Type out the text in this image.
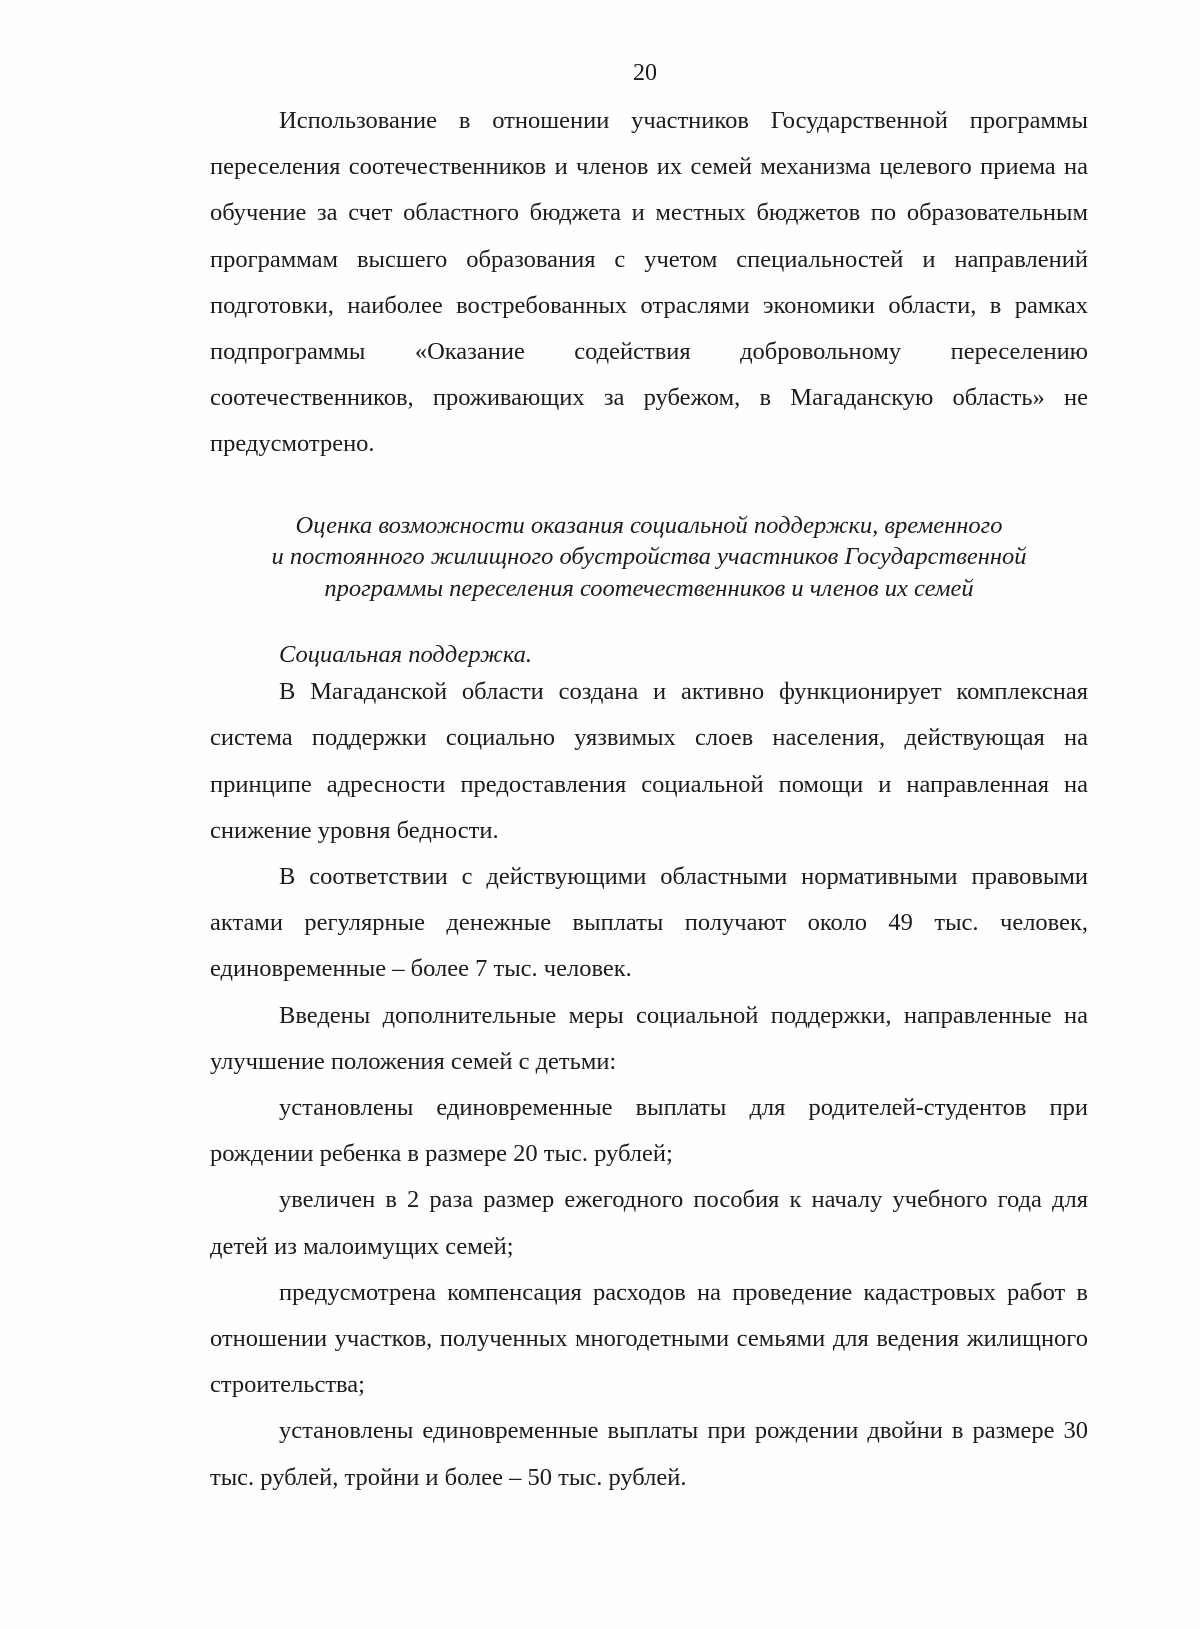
20

Использование в отношении участников Государственной программы переселения соотечественников и членов их семей механизма целевого приема на обучение за счет областного бюджета и местных бюджетов по образовательным программам высшего образования с учетом специальностей и направлений подготовки, наиболее востребованных отраслями экономики области, в рамках подпрограммы «Оказание содействия добровольному переселению соотечественников, проживающих за рубежом, в Магаданскую область» не предусмотрено.

Оценка возможности оказания социальной поддержки, временного
и постоянного жилищного обустройства участников Государственной
программы переселения соотечественников и членов их семей

Социальная поддержка.

В Магаданской области создана и активно функционирует комплексная система поддержки социально уязвимых слоев населения, действующая на принципе адресности предоставления социальной помощи и направленная на снижение уровня бедности.

В соответствии с действующими областными нормативными правовыми актами регулярные денежные выплаты получают около 49 тыс. человек, единовременные – более 7 тыс. человек.

Введены дополнительные меры социальной поддержки, направленные на улучшение положения семей с детьми:

установлены единовременные выплаты для родителей-студентов при рождении ребенка в размере 20 тыс. рублей;

увеличен в 2 раза размер ежегодного пособия к началу учебного года для детей из малоимущих семей;

предусмотрена компенсация расходов на проведение кадастровых работ в отношении участков, полученных многодетными семьями для ведения жилищного строительства;

установлены единовременные выплаты при рождении двойни в размере 30 тыс. рублей, тройни и более – 50 тыс. рублей.
